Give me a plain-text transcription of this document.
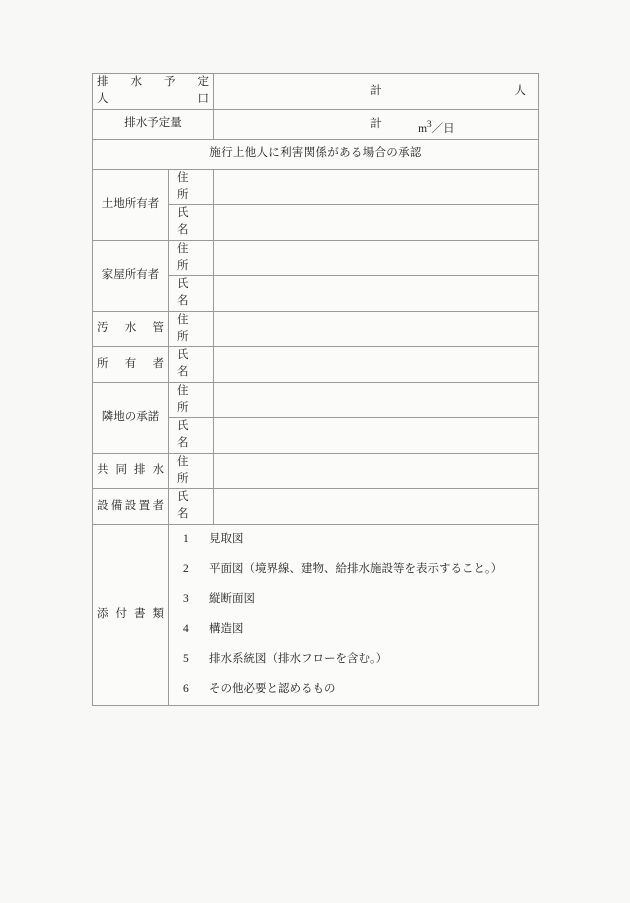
排 水 予 定
人　　　口		計 人

排水予定量		計 $m^3/$日

施行上他人に利害関係がある場合の承認		
土地所有者	住　所	

	氏　名	

家屋所有者	住　所	

	氏　名	

汚 水 管	住　所	

所 有 者	氏　名	

隣地の承諾	住　所	

	氏　名	

共 同 排 水	住　所	

設備設置者	氏　名	

添 付 書 類

1	見取図
2	平面図（境界線、建物、給排水施設等を表示すること。）
3	縦断面図
4	構造図
5	排水系統図（排水フローを含む。）
6	その他必要と認めるもの
